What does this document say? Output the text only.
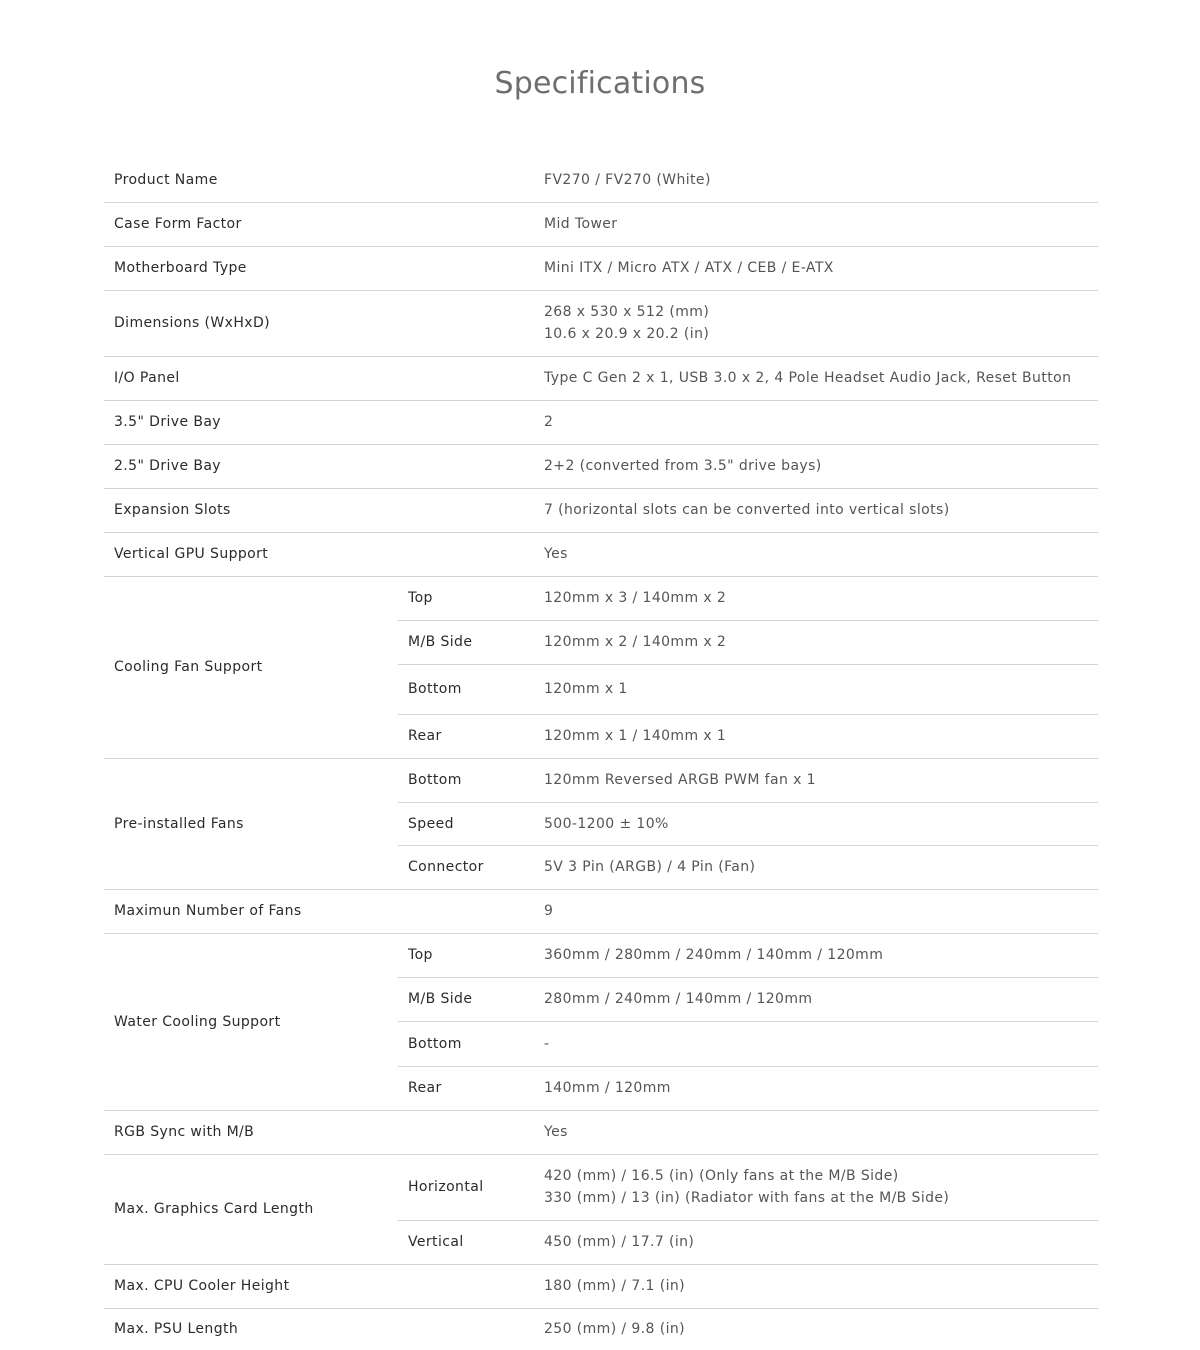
Specifications
Product Name		FV270 / FV270 (White)
Case Form Factor		Mid Tower
Motherboard Type		Mini ITX / Micro ATX / ATX / CEB / E-ATX
Dimensions (WxHxD)		268 x 530 x 512 (mm)
10.6 x 20.9 x 20.2 (in)

I/O Panel		Type C Gen 2 x 1, USB 3.0 x 2, 4 Pole Headset Audio Jack, Reset Button
3.5" Drive Bay		2
2.5" Drive Bay		2+2 (converted from 3.5" drive bays)
Expansion Slots		7 (horizontal slots can be converted into vertical slots)
Vertical GPU Support		Yes
Cooling Fan Support	Top	120mm x 3 / 140mm x 2
	M/B Side	120mm x 2 / 140mm x 2
	Bottom	120mm x 1
	Rear	120mm x 1 / 140mm x 1
Pre-installed Fans	Bottom	120mm Reversed ARGB PWM fan x 1
	Speed	500-1200 ± 10%
	Connector	5V 3 Pin (ARGB) / 4 Pin (Fan)
Maximun Number of Fans		9
Water Cooling Support	Top	360mm / 280mm / 240mm / 140mm / 120mm
	M/B Side	280mm / 240mm / 140mm / 120mm
	Bottom	-
	Rear	140mm / 120mm
RGB Sync with M/B		Yes
Max. Graphics Card Length	Horizontal	420 (mm) / 16.5 (in) (Only fans at the M/B Side)
330 (mm) / 13 (in) (Radiator with fans at the M/B Side)

	Vertical	450 (mm) / 17.7 (in)
Max. CPU Cooler Height		180 (mm) / 7.1 (in)
Max. PSU Length		250 (mm) / 9.8 (in)
